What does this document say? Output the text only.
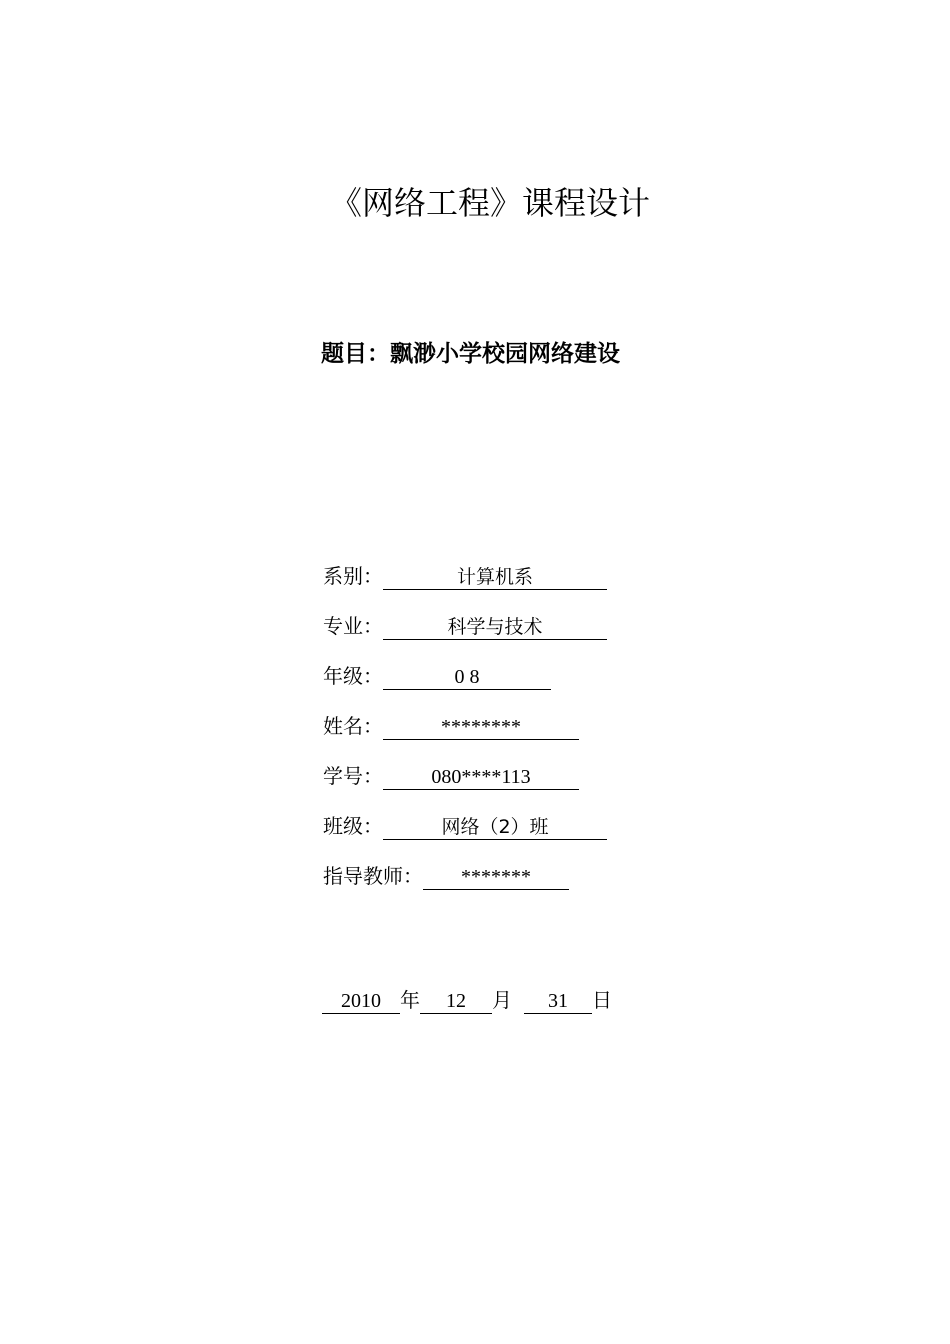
《网络工程》课程设计
题目：飘渺小学校园网络建设
系别：	计算机系
专业：	科学与技术
年级：	0 8
姓名：	********
学号：	080****113
班级：	网络（2）班
指导教师：	*******
2010 年	12	月	31	日
